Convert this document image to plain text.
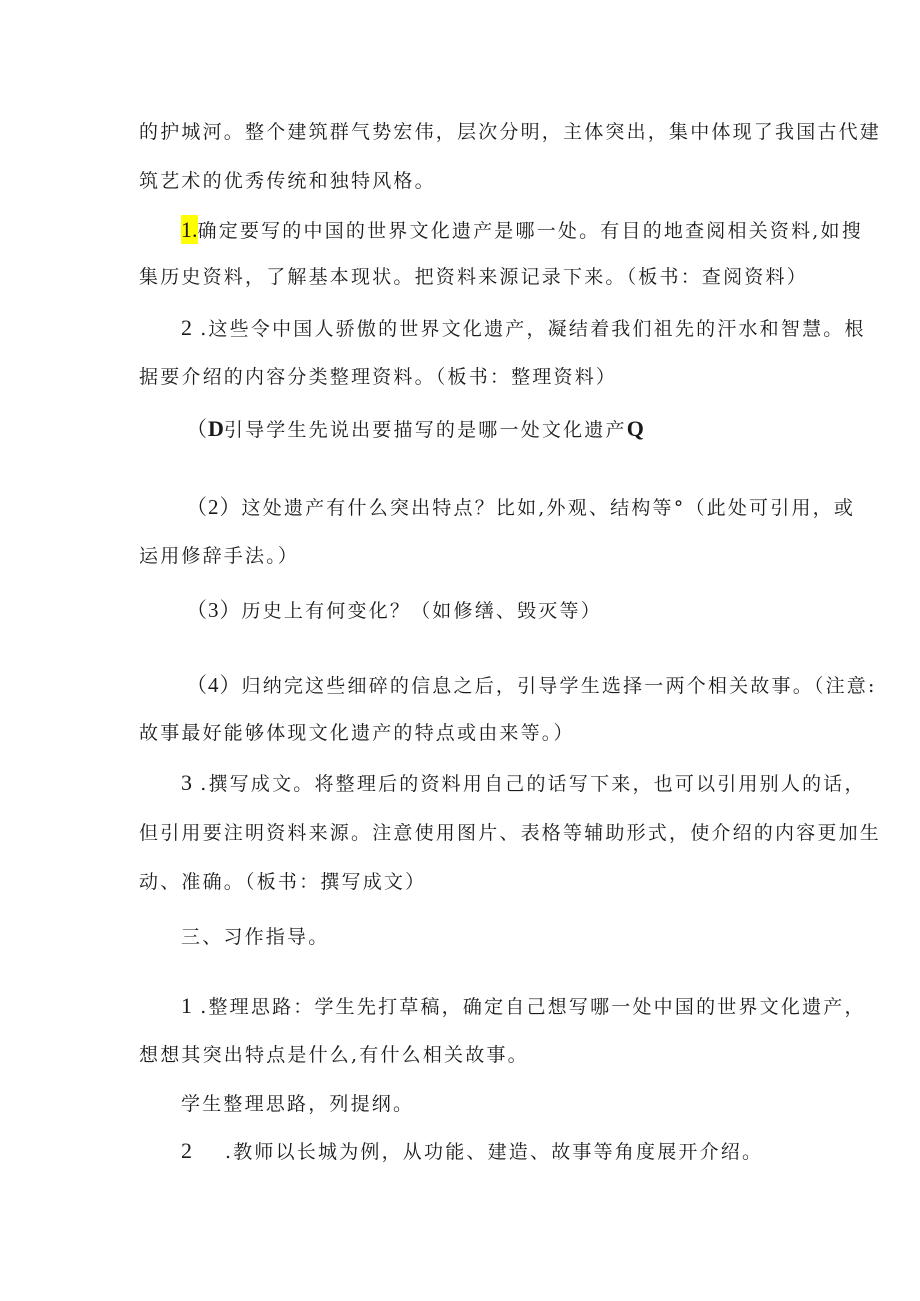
的护城河。整个建筑群气势宏伟，层次分明，主体突出，集中体现了我国古代建
筑艺术的优秀传统和独特风格。
1.确定要写的中国的世界文化遗产是哪一处。有目的地查阅相关资料,如搜
集历史资料，了解基本现状。把资料来源记录下来。（板书：查阅资料）
2 .这些令中国人骄傲的世界文化遗产，凝结着我们祖先的汗水和智慧。根
据要介绍的内容分类整理资料。（板书：整理资料）
（D引导学生先说出要描写的是哪一处文化遗产Q
（2）这处遗产有什么突出特点？比如,外观、结构等°（此处可引用，或
运用修辞手法。）
（3）历史上有何变化？（如修缮、毁灭等）
（4）归纳完这些细碎的信息之后，引导学生选择一两个相关故事。（注意:
故事最好能够体现文化遗产的特点或由来等。）
3 .撰写成文。将整理后的资料用自己的话写下来，也可以引用别人的话，
但引用要注明资料来源。注意使用图片、表格等辅助形式，使介绍的内容更加生
动、准确。（板书：撰写成文）
三、习作指导。
1 .整理思路：学生先打草稿，确定自己想写哪一处中国的世界文化遗产，
想想其突出特点是什么,有什么相关故事。
学生整理思路，列提纲。
2    .教师以长城为例，从功能、建造、故事等角度展开介绍。
